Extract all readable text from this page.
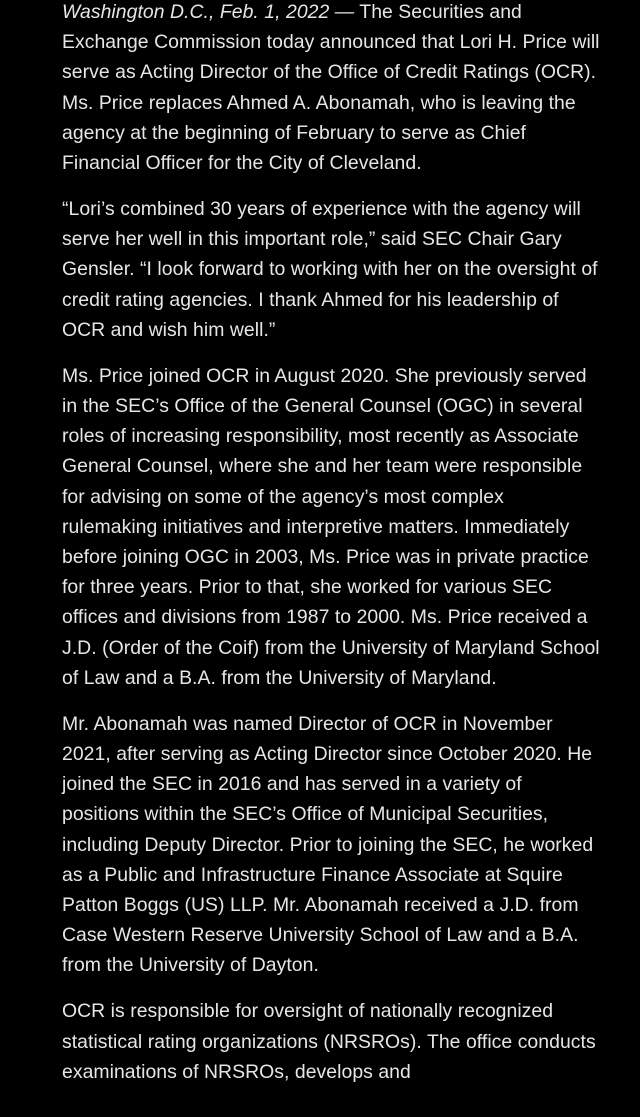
Washington D.C., Feb. 1, 2022 — The Securities and Exchange Commission today announced that Lori H. Price will serve as Acting Director of the Office of Credit Ratings (OCR). Ms. Price replaces Ahmed A. Abonamah, who is leaving the agency at the beginning of February to serve as Chief Financial Officer for the City of Cleveland.

“Lori’s combined 30 years of experience with the agency will serve her well in this important role,” said SEC Chair Gary Gensler. “I look forward to working with her on the oversight of credit rating agencies. I thank Ahmed for his leadership of OCR and wish him well.”

Ms. Price joined OCR in August 2020. She previously served in the SEC’s Office of the General Counsel (OGC) in several roles of increasing responsibility, most recently as Associate General Counsel, where she and her team were responsible for advising on some of the agency’s most complex rulemaking initiatives and interpretive matters. Immediately before joining OGC in 2003, Ms. Price was in private practice for three years. Prior to that, she worked for various SEC offices and divisions from 1987 to 2000. Ms. Price received a J.D. (Order of the Coif) from the University of Maryland School of Law and a B.A. from the University of Maryland.

Mr. Abonamah was named Director of OCR in November 2021, after serving as Acting Director since October 2020. He joined the SEC in 2016 and has served in a variety of positions within the SEC’s Office of Municipal Securities, including Deputy Director. Prior to joining the SEC, he worked as a Public and Infrastructure Finance Associate at Squire Patton Boggs (US) LLP. Mr. Abonamah received a J.D. from Case Western Reserve University School of Law and a B.A. from the University of Dayton.

OCR is responsible for oversight of nationally recognized statistical rating organizations (NRSROs). The office conducts examinations of NRSROs, develops and
